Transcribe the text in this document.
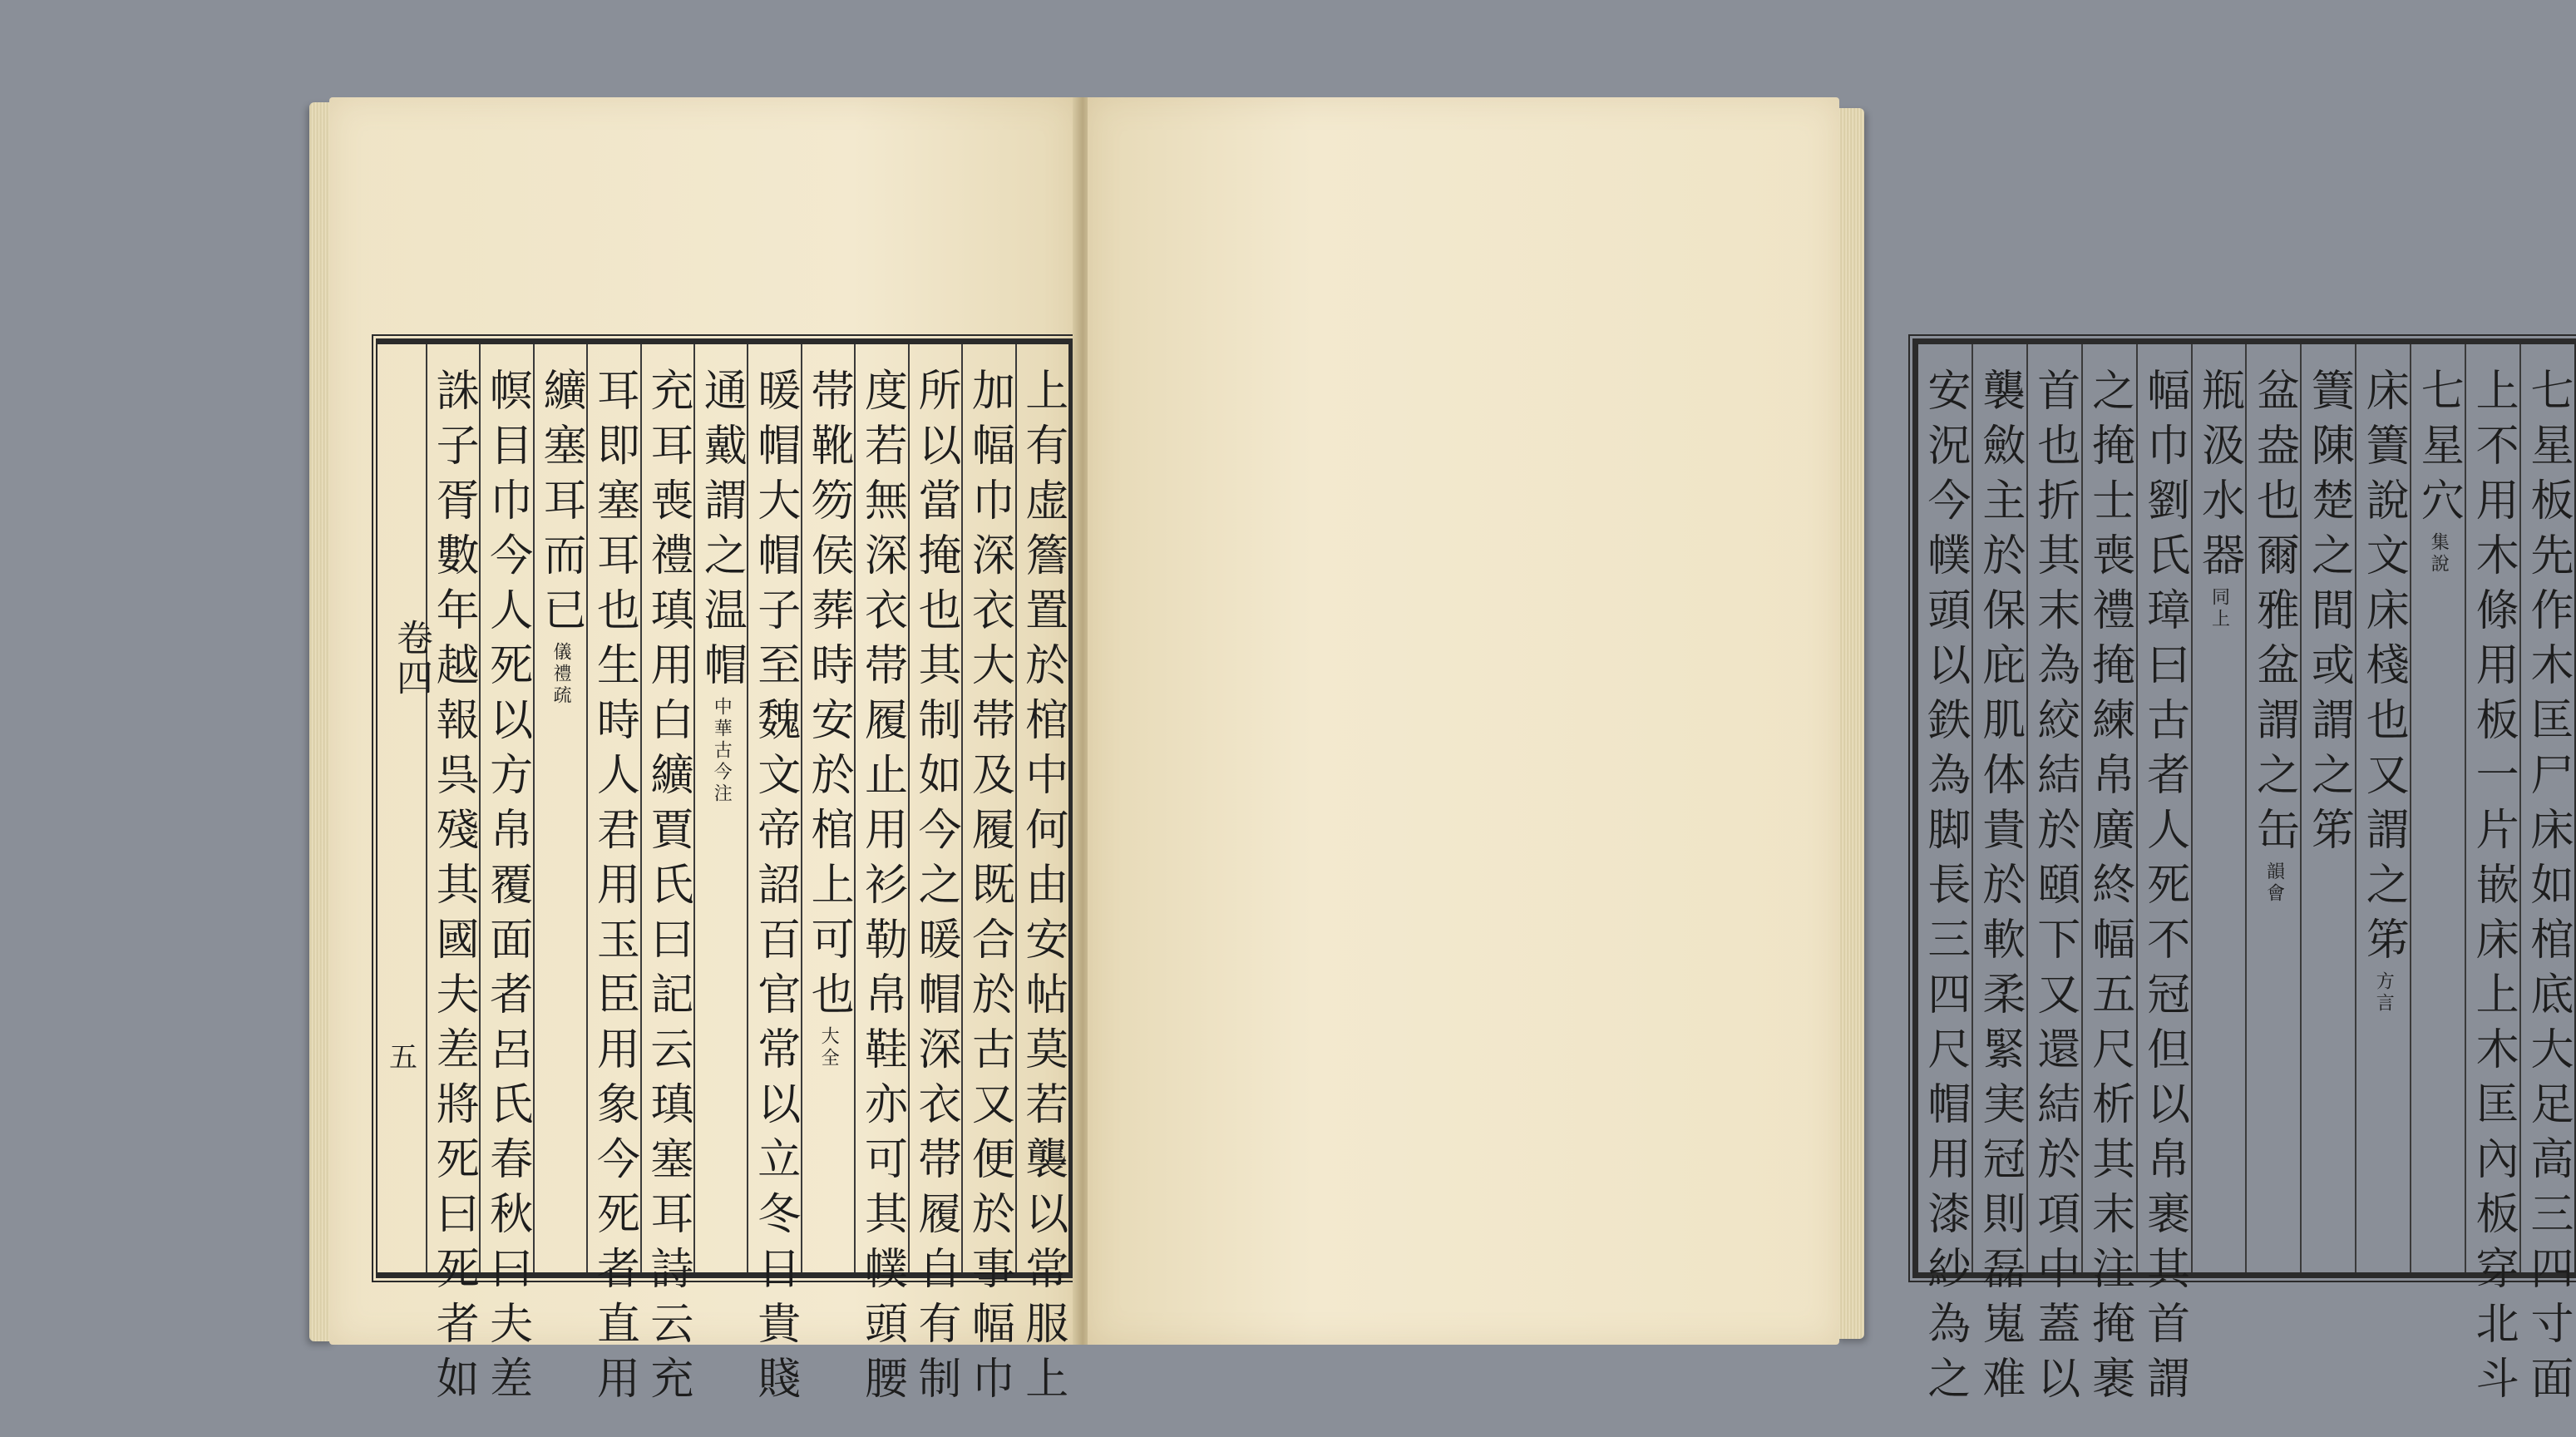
卷四
五	上有虚簷置於棺中何由安帖莫若襲以常服上
加幅巾深衣大帯及履既合於古又便於事幅巾
所以當掩也其制如今之暖帽深衣帯履自有制
度若無深衣帯履止用衫勒帛鞋亦可其幞頭腰
帯靴笏侯葬時安於棺上可也
大全
暖帽大帽子至魏文帝詔百官常以立冬日貴賤
通戴謂之温帽
中華古今注
充耳喪禮瑱用白纊賈氏曰記云瑱塞耳詩云充
耳即塞耳也生時人君用玉臣用象今死者直用
纊塞耳而已
儀禮疏
幎目巾今人死以方帛覆面者呂氏春秋曰夫差
誅子胥數年越報呉殘其國夫差將死曰死者如	七星板先作木匡尸床如棺底大足高三四寸面
上不用木條用板一片嵌床上木匡內板穿北斗
七星穴
集說
床簀說文床棧也又謂之笫
方言
簀陳楚之間或謂之笫
盆盎也爾雅盆謂之缶
韻會
瓶汲水器
同上
幅巾劉氏璋曰古者人死不冠但以帛裹其首謂
之掩士喪禮掩練帛廣終幅五尺析其末注掩裹
首也折其末為絞結於頤下又還結於項中蓋以
襲斂主於保庇肌体貴於軟柔緊実冠則磊嵬难
安況今幞頭以鉄為脚長三四尺帽用漆紗為之
